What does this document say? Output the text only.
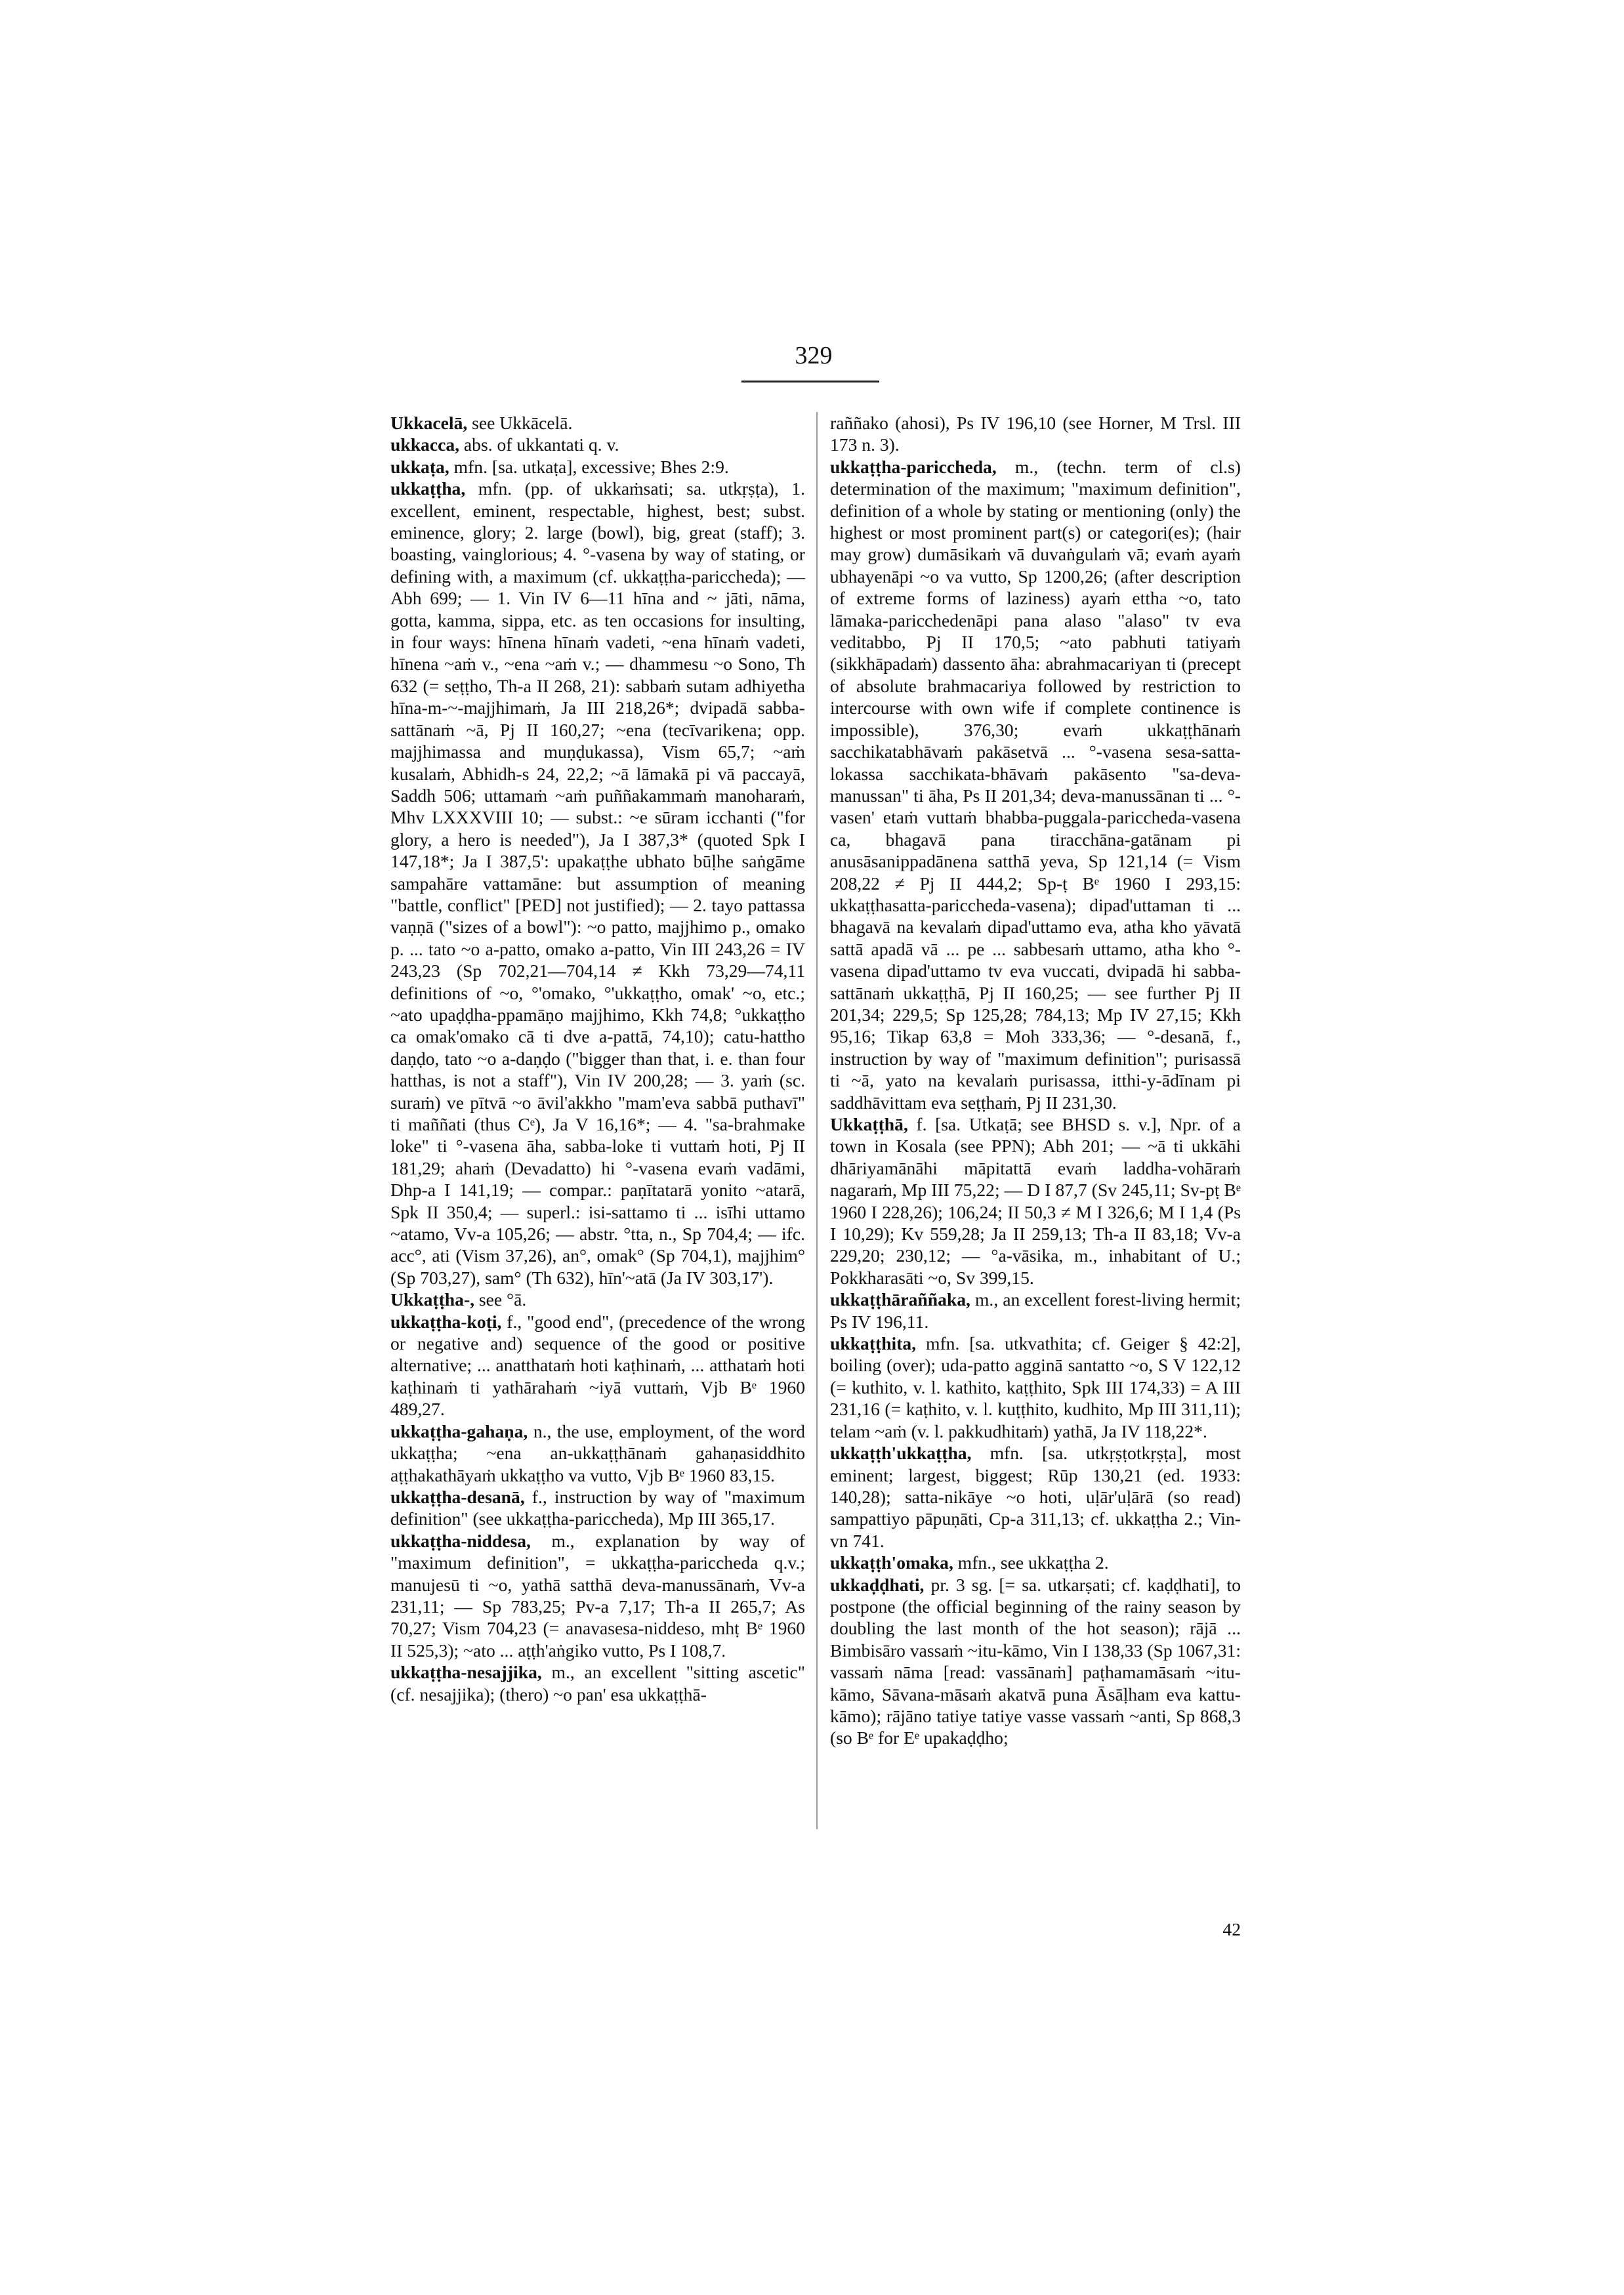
329

Ukkacelā, see Ukkācelā.

ukkacca, abs. of ukkantati q. v.

ukkaṭa, mfn. [sa. utkaṭa], excessive; Bhes 2:9.

ukkaṭṭha, mfn. (pp. of ukkaṁsati; sa. utkṛṣṭa), 1. excellent, eminent, respectable, highest, best; subst. eminence, glory; 2. large (bowl), big, great (staff); 3. boasting, vainglorious; 4. °-vasena by way of stating, or defining with, a maximum (cf. ukkaṭṭha-pariccheda); — Abh 699; — 1. Vin IV 6—11 hīna and ~ jāti, nāma, gotta, kamma, sippa, etc. as ten occasions for insulting, in four ways: hīnena hīnaṁ vadeti, ~ena hīnaṁ vadeti, hīnena ~aṁ v., ~ena ~aṁ v.; — dhammesu ~o Sono, Th 632 (= seṭṭho, Th-a II 268, 21): sabbaṁ sutam adhiyetha hīna-m-~-majjhimaṁ, Ja III 218,26*; dvipadā sabba-sattānaṁ ~ā, Pj II 160,27; ~ena (tecīvarikena; opp. majjhimassa and muṇḍukassa), Vism 65,7; ~aṁ kusalaṁ, Abhidh-s 24, 22,2; ~ā lāmakā pi vā paccayā, Saddh 506; uttamaṁ ~aṁ puññakammaṁ manoharaṁ, Mhv LXXXVIII 10; — subst.: ~e sūram icchanti ("for glory, a hero is needed"), Ja I 387,3* (quoted Spk I 147,18*; Ja I 387,5': upakaṭṭhe ubhato būḷhe saṅgāme sampahāre vattamāne: but assumption of meaning "battle, conflict" [PED] not justified); — 2. tayo pattassa vaṇṇā ("sizes of a bowl"): ~o patto, majjhimo p., omako p. ... tato ~o a-patto, omako a-patto, Vin III 243,26 = IV 243,23 (Sp 702,21—704,14 ≠ Kkh 73,29—74,11 definitions of ~o, °'omako, °'ukkaṭṭho, omak' ~o, etc.; ~ato upaḍḍha-ppamāṇo majjhimo, Kkh 74,8; °ukkaṭṭho ca omak'omako cā ti dve a-pattā, 74,10); catu-hattho daṇḍo, tato ~o a-daṇḍo ("bigger than that, i. e. than four hatthas, is not a staff"), Vin IV 200,28; — 3. yaṁ (sc. suraṁ) ve pītvā ~o āvil'akkho "mam'eva sabbā puthavī" ti maññati (thus Cᵉ), Ja V 16,16*; — 4. "sa-brahmake loke" ti °-vasena āha, sabba-loke ti vuttaṁ hoti, Pj II 181,29; ahaṁ (Devadatto) hi °-vasena evaṁ vadāmi, Dhp-a I 141,19; — compar.: paṇītatarā yonito ~atarā, Spk II 350,4; — superl.: isi-sattamo ti ... isīhi uttamo ~atamo, Vv-a 105,26; — abstr. °tta, n., Sp 704,4; — ifc. acc°, ati (Vism 37,26), an°, omak° (Sp 704,1), majjhim° (Sp 703,27), sam° (Th 632), hīn'~atā (Ja IV 303,17').

Ukkaṭṭha-, see °ā.

ukkaṭṭha-koṭi, f., "good end", (precedence of the wrong or negative and) sequence of the good or positive alternative; ... anatthataṁ hoti kaṭhinaṁ, ... atthataṁ hoti kaṭhinaṁ ti yathārahaṁ ~iyā vuttaṁ, Vjb Bᵉ 1960 489,27.

ukkaṭṭha-gahaṇa, n., the use, employment, of the word ukkaṭṭha; ~ena an-ukkaṭṭhānaṁ gahaṇasiddhito aṭṭhakathāyaṁ ukkaṭṭho va vutto, Vjb Bᵉ 1960 83,15.

ukkaṭṭha-desanā, f., instruction by way of "maximum definition" (see ukkaṭṭha-pariccheda), Mp III 365,17.

ukkaṭṭha-niddesa, m., explanation by way of "maximum definition", = ukkaṭṭha-pariccheda q.v.; manujesū ti ~o, yathā satthā deva-manussānaṁ, Vv-a 231,11; — Sp 783,25; Pv-a 7,17; Th-a II 265,7; As 70,27; Vism 704,23 (= anavasesa-niddeso, mhṭ Bᵉ 1960 II 525,3); ~ato ... aṭṭh'aṅgiko vutto, Ps I 108,7.

ukkaṭṭha-nesajjika, m., an excellent "sitting ascetic" (cf. nesajjika); (thero) ~o pan' esa ukkaṭṭhā-

raññako (ahosi), Ps IV 196,10 (see Horner, M Trsl. III 173 n. 3).

ukkaṭṭha-pariccheda, m., (techn. term of cl.s) determination of the maximum; "maximum definition", definition of a whole by stating or mentioning (only) the highest or most prominent part(s) or categori(es); (hair may grow) dumāsikaṁ vā duvaṅgulaṁ vā; evaṁ ayaṁ ubhayenāpi ~o va vutto, Sp 1200,26; (after description of extreme forms of laziness) ayaṁ ettha ~o, tato lāmaka-paricchedenāpi pana alaso "alaso" tv eva veditabbo, Pj II 170,5; ~ato pabhuti tatiyaṁ (sikkhāpadaṁ) dassento āha: abrahmacariyan ti (precept of absolute brahmacariya followed by restriction to intercourse with own wife if complete continence is impossible), 376,30; evaṁ ukkaṭṭhānaṁ sacchikatabhāvaṁ pakāsetvā ... °-vasena sesa-satta-lokassa sacchikata-bhāvaṁ pakāsento "sa-deva-manussan" ti āha, Ps II 201,34; deva-manussānan ti ... °-vasen' etaṁ vuttaṁ bhabba-puggala-pariccheda-vasena ca, bhagavā pana tiracchāna-gatānam pi anusāsanippadānena satthā yeva, Sp 121,14 (= Vism 208,22 ≠ Pj II 444,2; Sp-ṭ Bᵉ 1960 I 293,15: ukkaṭṭhasatta-pariccheda-vasena); dipad'uttaman ti ... bhagavā na kevalaṁ dipad'uttamo eva, atha kho yāvatā sattā apadā vā ... pe ... sabbesaṁ uttamo, atha kho °-vasena dipad'uttamo tv eva vuccati, dvipadā hi sabba-sattānaṁ ukkaṭṭhā, Pj II 160,25; — see further Pj II 201,34; 229,5; Sp 125,28; 784,13; Mp IV 27,15; Kkh 95,16; Tikap 63,8 = Moh 333,36; — °-desanā, f., instruction by way of "maximum definition"; purisassā ti ~ā, yato na kevalaṁ purisassa, itthi-y-ādīnam pi saddhāvittam eva seṭṭhaṁ, Pj II 231,30.

Ukkaṭṭhā, f. [sa. Utkaṭā; see BHSD s. v.], Npr. of a town in Kosala (see PPN); Abh 201; — ~ā ti ukkāhi dhāriyamānāhi māpitattā evaṁ laddha-vohāraṁ nagaraṁ, Mp III 75,22; — D I 87,7 (Sv 245,11; Sv-pṭ Bᵉ 1960 I 228,26); 106,24; II 50,3 ≠ M I 326,6; M I 1,4 (Ps I 10,29); Kv 559,28; Ja II 259,13; Th-a II 83,18; Vv-a 229,20; 230,12; — °a-vāsika, m., inhabitant of U.; Pokkharasāti ~o, Sv 399,15.

ukkaṭṭhāraññaka, m., an excellent forest-living hermit; Ps IV 196,11.

ukkaṭṭhita, mfn. [sa. utkvathita; cf. Geiger § 42:2], boiling (over); uda-patto agginā santatto ~o, S V 122,12 (= kuthito, v. l. kathito, kaṭṭhito, Spk III 174,33) = A III 231,16 (= kaṭhito, v. l. kuṭṭhito, kudhito, Mp III 311,11); telam ~aṁ (v. l. pakkudhitaṁ) yathā, Ja IV 118,22*.

ukkaṭṭh'ukkaṭṭha, mfn. [sa. utkṛṣṭotkṛṣṭa], most eminent; largest, biggest; Rūp 130,21 (ed. 1933: 140,28); satta-nikāye ~o hoti, uḷār'uḷārā (so read) sampattiyo pāpuṇāti, Cp-a 311,13; cf. ukkaṭṭha 2.; Vin-vn 741.

ukkaṭṭh'omaka, mfn., see ukkaṭṭha 2.

ukkaḍḍhati, pr. 3 sg. [= sa. utkarṣati; cf. kaḍḍhati], to postpone (the official beginning of the rainy season by doubling the last month of the hot season); rājā ... Bimbisāro vassaṁ ~itu-kāmo, Vin I 138,33 (Sp 1067,31: vassaṁ nāma [read: vassānaṁ] paṭhamamāsaṁ ~itu-kāmo, Sāvana-māsaṁ akatvā puna Āsāḷham eva kattu-kāmo); rājāno tatiye tatiye vasse vassaṁ ~anti, Sp 868,3 (so Bᵉ for Eᵉ upakaḍḍho;

42
